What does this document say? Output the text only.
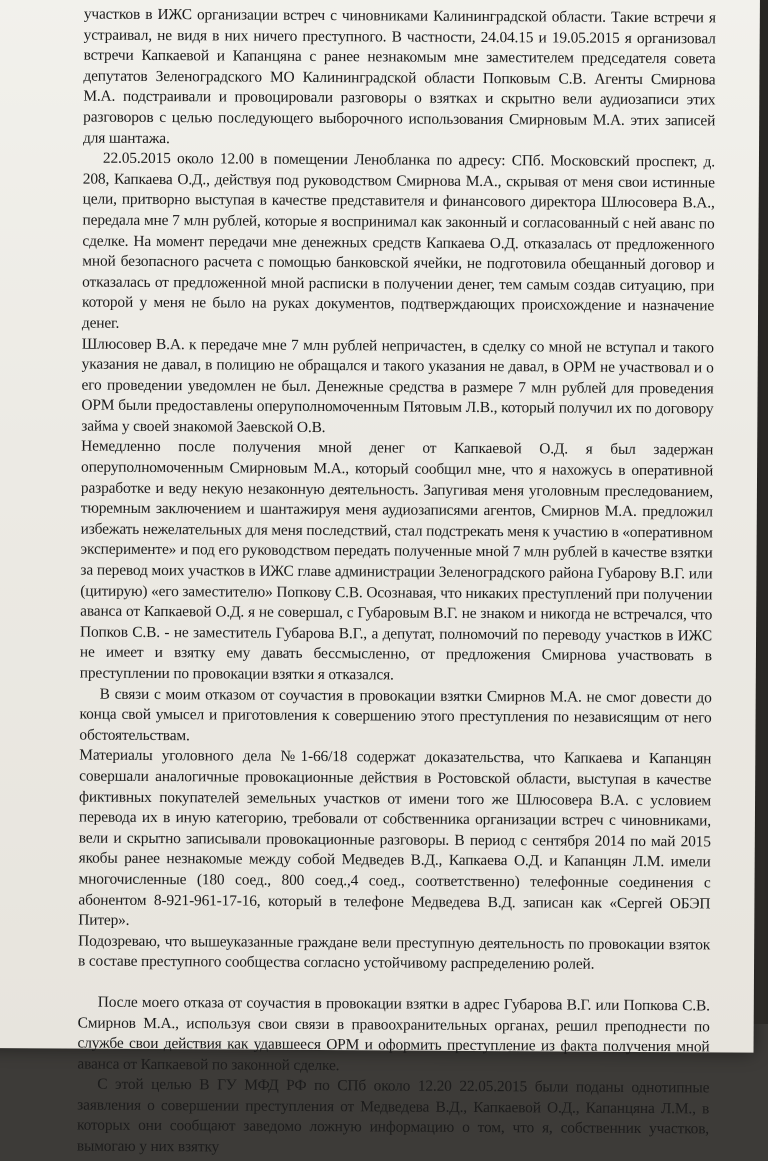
участков в ИЖС организации встреч с чиновниками Калининградской области. Такие встречи я устраивал, не видя в них ничего преступного. В частности, 24.04.15 и 19.05.2015 я организовал встречи Капкаевой и Капанцяна с ранее незнакомым мне заместителем председателя совета депутатов Зеленоградского МО Калининградской области Попковым С.В. Агенты Смирнова М.А. подстраивали и провоцировали разговоры о взятках и скрытно вели аудиозаписи этих разговоров с целью последующего выборочного использования Смирновым М.А. этих записей для шантажа.

22.05.2015 около 12.00 в помещении Ленобланка по адресу: СПб. Московский проспект, д. 208, Капкаева О.Д., действуя под руководством Смирнова М.А., скрывая от меня свои истинные цели, притворно выступая в качестве представителя и финансового директора Шлюсовера В.А., передала мне 7 млн рублей, которые я воспринимал как законный и согласованный с ней аванс по сделке. На момент передачи мне денежных средств Капкаева О.Д. отказалась от предложенного мной безопасного расчета с помощью банковской ячейки, не подготовила обещанный договор и отказалась от предложенной мной расписки в получении денег, тем самым создав ситуацию, при которой у меня не было на руках документов, подтверждающих происхождение и назначение денег.

Шлюсовер В.А. к передаче мне 7 млн рублей непричастен, в сделку со мной не вступал и такого указания не давал, в полицию не обращался и такого указания не давал, в ОРМ не участвовал и о его проведении уведомлен не был. Денежные средства в размере 7 млн рублей для проведения ОРМ были предоставлены оперуполномоченным Пятовым Л.В., который получил их по договору займа у своей знакомой Заевской О.В.

Немедленно после получения мной денег от Капкаевой О.Д. я был задержан оперуполномоченным Смирновым М.А., который сообщил мне, что я нахожусь в оперативной разработке и веду некую незаконную деятельность. Запугивая меня уголовным преследованием, тюремным заключением и шантажируя меня аудиозаписями агентов, Смирнов М.А. предложил избежать нежелательных для меня последствий, стал подстрекать меня к участию в «оперативном эксперименте» и под его руководством передать полученные мной 7 млн рублей в качестве взятки за перевод моих участков в ИЖС главе администрации Зеленоградского района Губарову В.Г. или (цитирую) «его заместителю» Попкову С.В. Осознавая, что никаких преступлений при получении аванса от Капкаевой О.Д. я не совершал, с Губаровым В.Г. не знаком и никогда не встречался, что Попков С.В. - не заместитель Губарова В.Г., а депутат, полномочий по переводу участков в ИЖС не имеет и взятку ему давать бессмысленно, от предложения Смирнова участвовать в преступлении по провокации взятки я отказался.

В связи с моим отказом от соучастия в провокации взятки Смирнов М.А. не смог довести до конца свой умысел и приготовления к совершению этого преступления по независящим от него обстоятельствам.

Материалы уголовного дела №1-66/18 содержат доказательства, что Капкаева и Капанцян совершали аналогичные провокационные действия в Ростовской области, выступая в качестве фиктивных покупателей земельных участков от имени того же Шлюсовера В.А. с условием перевода их в иную категорию, требовали от собственника организации встреч с чиновниками, вели и скрытно записывали провокационные разговоры. В период с сентября 2014 по май 2015 якобы ранее незнакомые между собой Медведев В.Д., Капкаева О.Д. и Капанцян Л.М. имели многочисленные (180 соед., 800 соед.,4 соед., соответственно) телефонные соединения с абонентом 8-921-961-17-16, который в телефоне Медведева В.Д. записан как «Сергей ОБЭП Питер».

Подозреваю, что вышеуказанные граждане вели преступную деятельность по провокации взяток в составе преступного сообщества согласно устойчивому распределению ролей.

После моего отказа от соучастия в провокации взятки в адрес Губарова В.Г. или Попкова С.В. Смирнов М.А., используя свои связи в правоохранительных органах, решил преподнести по службе свои действия как удавшееся ОРМ и оформить преступление из факта получения мной аванса от Капкаевой по законной сделке.

С этой целью В ГУ МФД РФ по СПб около 12.20 22.05.2015 были поданы однотипные заявления о совершении преступления от Медведева В.Д., Капкаевой О.Д., Капанцяна Л.М., в которых они сообщают заведомо ложную информацию о том, что я, собственник участков, вымогаю у них взятку
